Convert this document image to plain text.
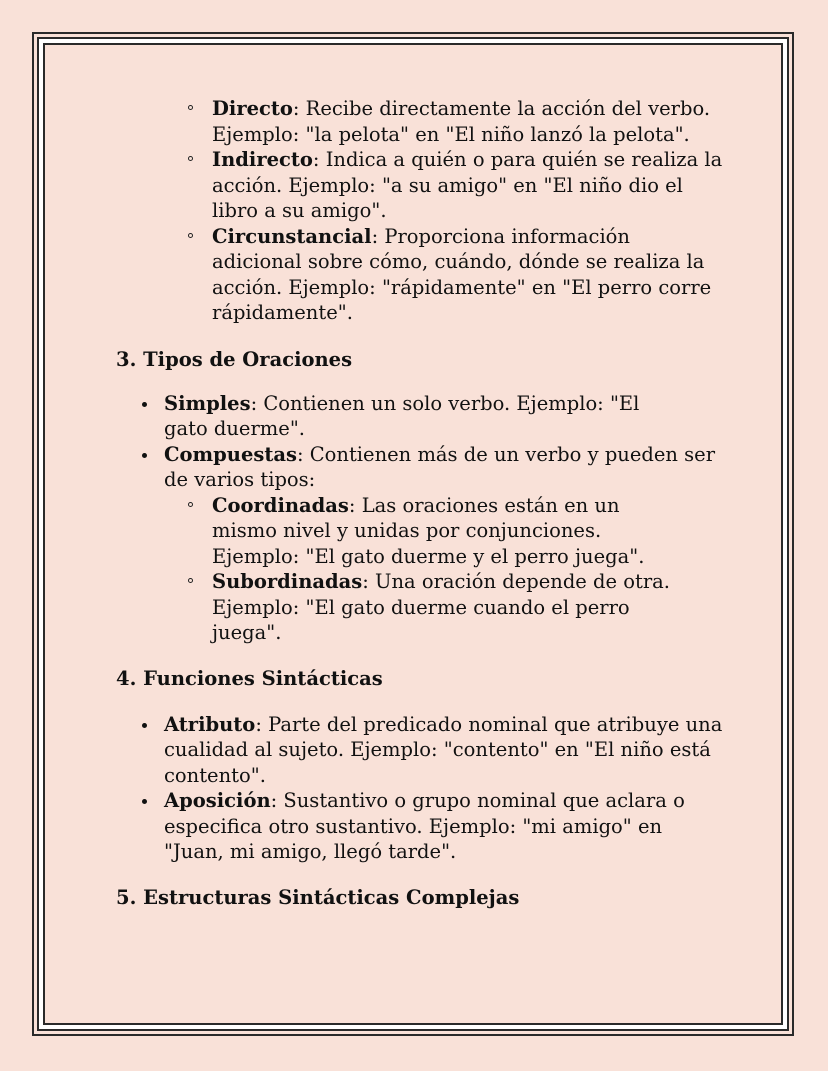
Directo: Recibe directamente la acción del verbo. Ejemplo: "la pelota" en "El niño lanzó la pelota".
Indirecto: Indica a quién o para quién se realiza la acción. Ejemplo: "a su amigo" en "El niño dio el libro a su amigo".
Circunstancial: Proporciona información adicional sobre cómo, cuándo, dónde se realiza la acción. Ejemplo: "rápidamente" en "El perro corre rápidamente".
3. Tipos de Oraciones
Simples: Contienen un solo verbo. Ejemplo: "El gato duerme".
Compuestas: Contienen más de un verbo y pueden ser de varios tipos:
Coordinadas: Las oraciones están en un mismo nivel y unidas por conjunciones. Ejemplo: "El gato duerme y el perro juega".
Subordinadas: Una oración depende de otra. Ejemplo: "El gato duerme cuando el perro juega".
4. Funciones Sintácticas
Atributo: Parte del predicado nominal que atribuye una cualidad al sujeto. Ejemplo: "contento" en "El niño está contento".
Aposición: Sustantivo o grupo nominal que aclara o especifica otro sustantivo. Ejemplo: "mi amigo" en "Juan, mi amigo, llegó tarde".
5. Estructuras Sintácticas Complejas
